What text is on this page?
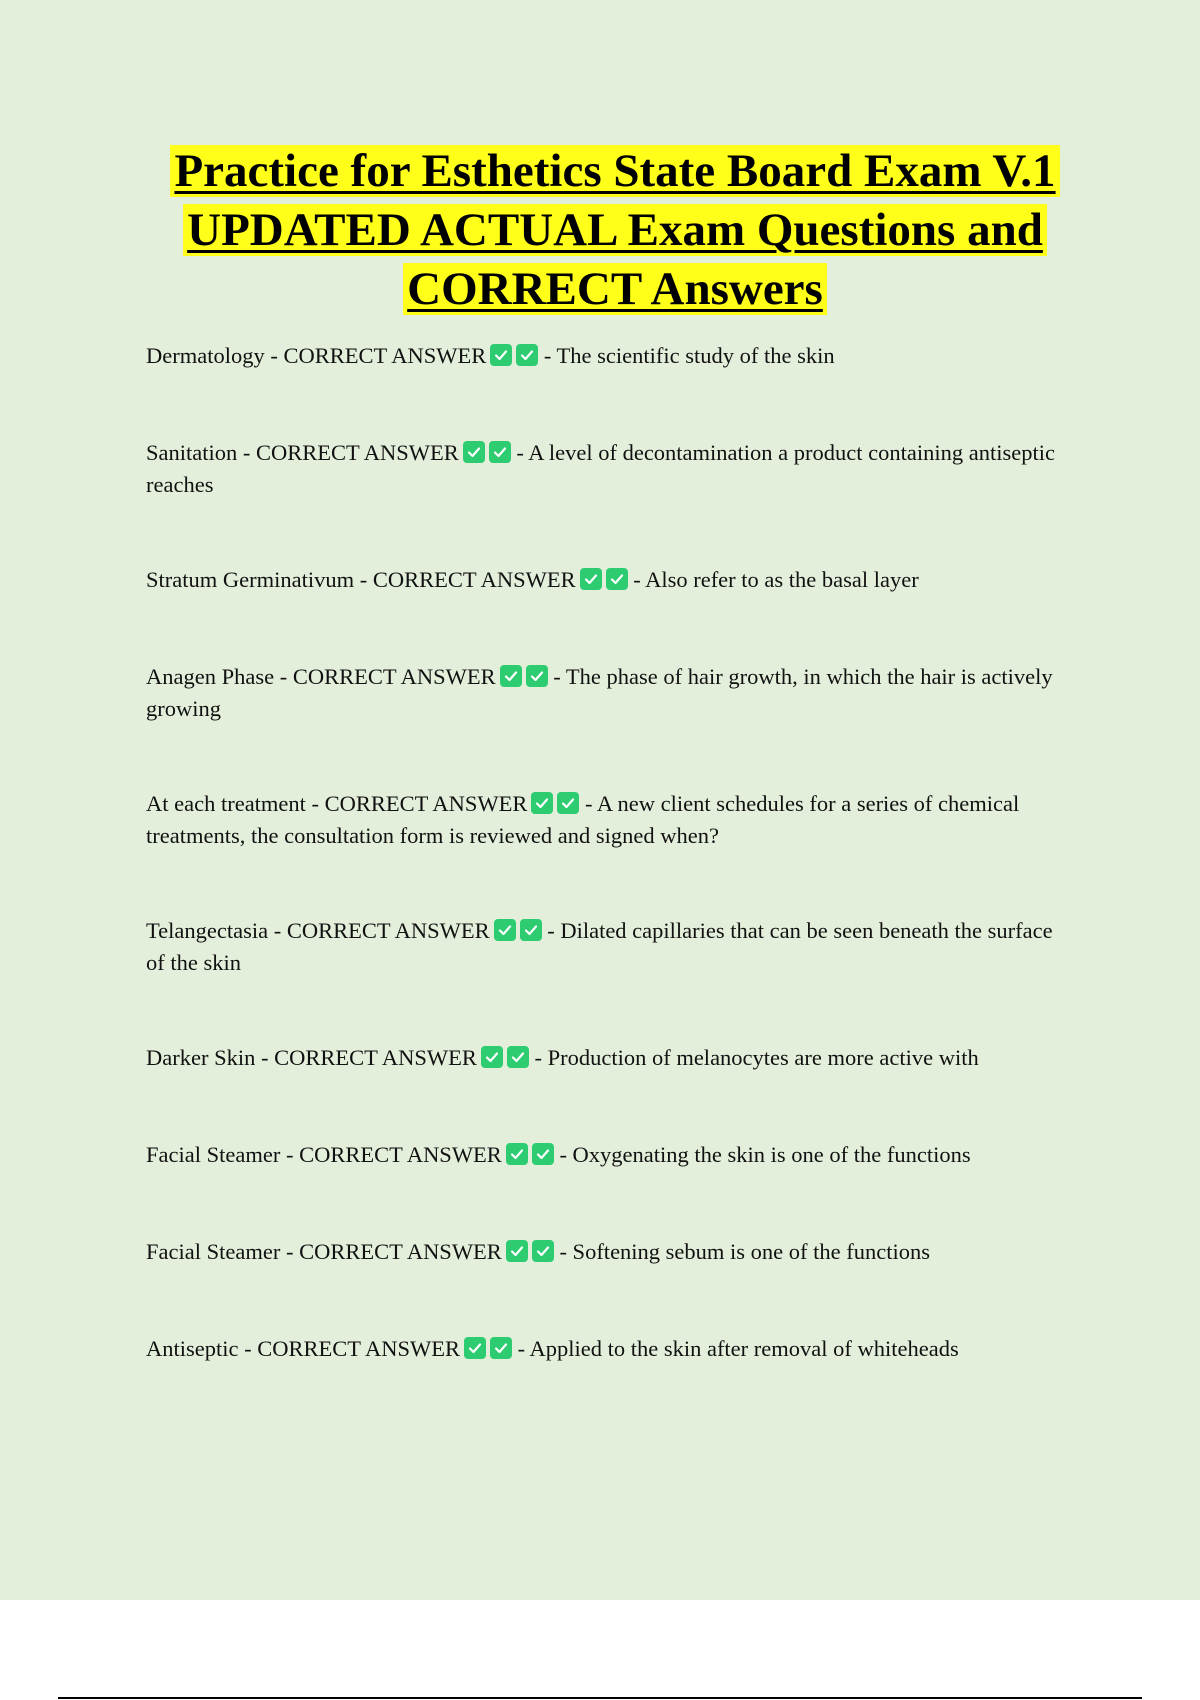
Practice for Esthetics State Board Exam V.1
UPDATED ACTUAL Exam Questions and
CORRECT Answers
Dermatology - CORRECT ANSWER	- The scientific study of the skin
Sanitation - CORRECT ANSWER	- A level of decontamination a product containing antiseptic reaches
Stratum Germinativum - CORRECT ANSWER	- Also refer to as the basal layer
Anagen Phase - CORRECT ANSWER	- The phase of hair growth, in which the hair is actively growing
At each treatment - CORRECT ANSWER	- A new client schedules for a series of chemical treatments, the consultation form is reviewed and signed when?
Telangectasia - CORRECT ANSWER	- Dilated capillaries that can be seen beneath the surface of the skin
Darker Skin - CORRECT ANSWER	- Production of melanocytes are more active with
Facial Steamer - CORRECT ANSWER	- Oxygenating the skin is one of the functions
Facial Steamer - CORRECT ANSWER	- Softening sebum is one of the functions
Antiseptic - CORRECT ANSWER	- Applied to the skin after removal of whiteheads
